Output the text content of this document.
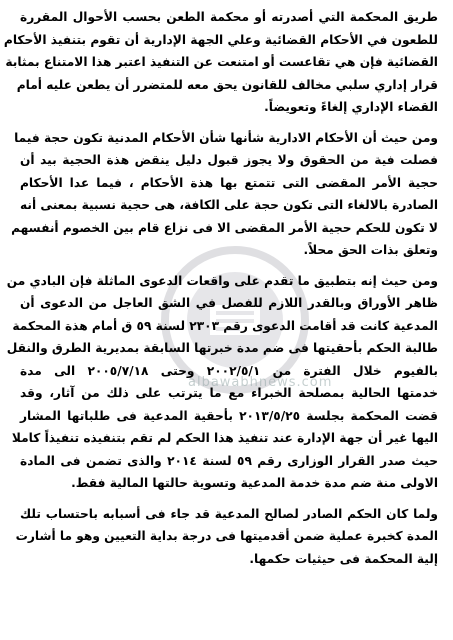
albawabhnews.com
طريق المحكمة التي أصدرته أو محكمة الطعن بحسب الأحوال المقررة
للطعون في الأحكام القضائية وعلي الجهة الإدارية أن تقوم بتنفيذ الأحكام
القضائية فإن هي تقاعست أو امتنعت عن التنفيذ اعتبر هذا الامتناع بمثابة
قرار إداري سلبي مخالف للقانون يحق معه للمتضرر أن يطعن عليه أمام
القضاء الإداري إلغاءً وتعويضاً.
ومن حيث أن الأحكام الادارية شأنها شأن الأحكام المدنية تكون حجة فيما
فصلت فية من الحقوق ولا يجوز قبول دليل ينقض هذة الحجية بيد أن
حجية الأمر المقضى التى تتمتع بها هذة الأحكام ، فيما عدا الأحكام
الصادرة بالالغاء التى تكون حجة على الكافة، هى حجية نسبية بمعنى أنه
لا تكون للحكم حجية الأمر المقضى الا فى نزاع قام بين الخصوم أنفسهم
وتعلق بذات الحق محلاً.
ومن حيث إنه بتطبيق ما تقدم على واقعات الدعوى الماثلة فإن البادي من
ظاهر الأوراق وبالقدر اللازم للفصل في الشق العاجل من الدعوى أن
المدعية كانت قد أقامت الدعوى رقم ٢٣٠٣ لسنة ٥٩ ق أمام هذة المحكمة
طالبة الحكم بأحقيتها فى ضم مدة خبرتها السابقة بمديرية الطرق والنقل
بالفيوم خلال الفترة من ٢٠٠٢/٥/١ وحتى ٢٠٠٥/٧/١٨ الى مدة
خدمتها الحالية بمصلحة الخبراء مع ما يترتب على ذلك من آثار، وقد
قضت المحكمة بجلسة ٢٠١٣/٥/٢٥ بأحقية المدعية فى طلباتها المشار
اليها غير أن جهة الإدارة عند تنفيذ هذا الحكم لم تقم بتنفيذه تنفيذاً كاملا
حيث صدر القرار الوزارى رقم ٥٩ لسنة ٢٠١٤ والذى تضمن فى المادة
الاولى منة ضم مدة خدمة المدعية وتسوية حالتها المالية فقط.
ولما كان الحكم الصادر لصالح المدعية قد جاء فى أسبابه باحتساب تلك
المدة كخبرة عملية ضمن أقدميتها فى درجة بداية التعيين وهو ما أشارت
إلية المحكمة فى حيثيات حكمها.
